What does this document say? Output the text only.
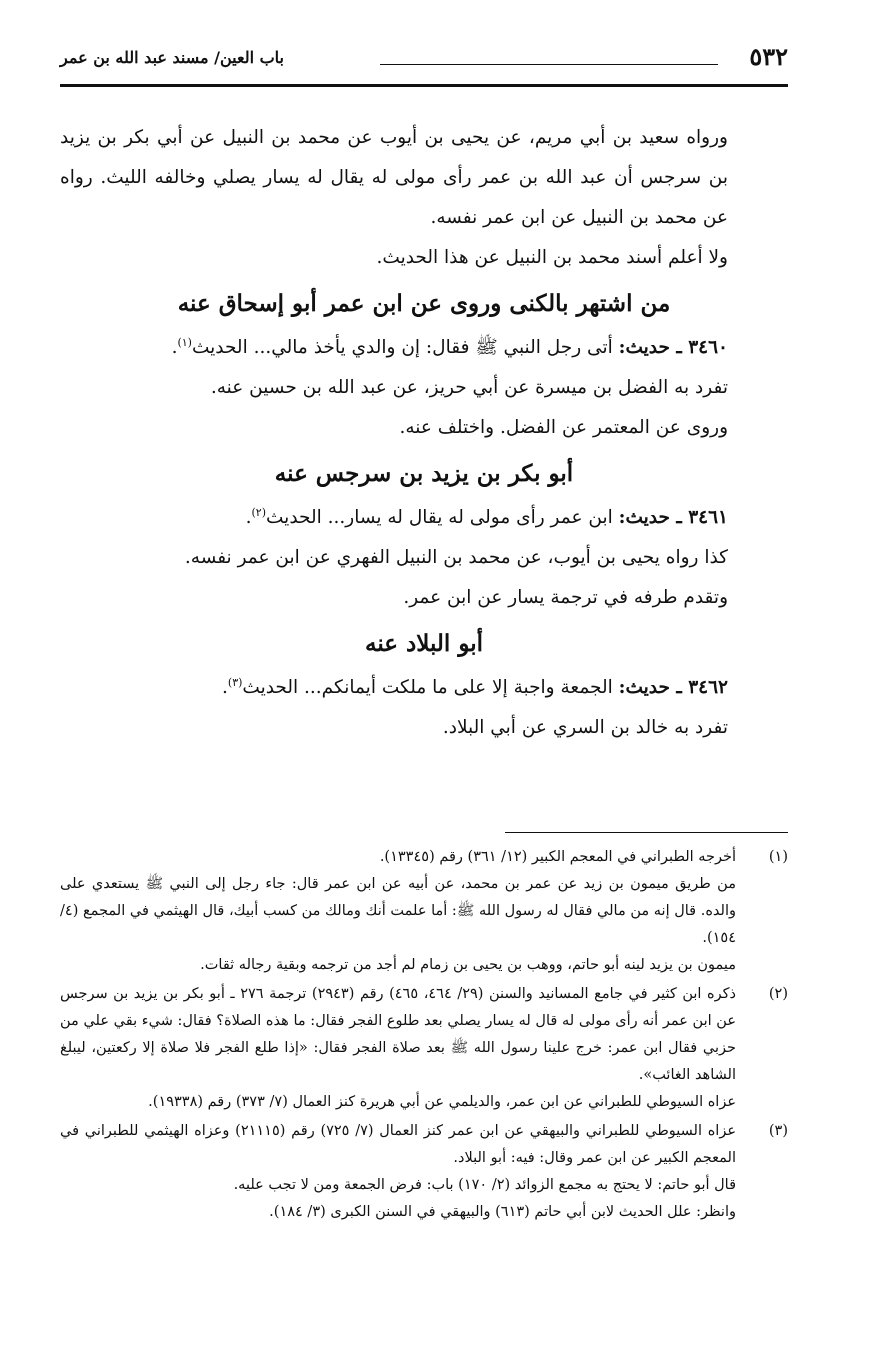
٥٣٢
باب العين/ مسند عبد الله بن عمر

ورواه سعيد بن أبي مريم، عن يحيى بن أيوب عن محمد بن النبيل عن أبي بكر بن يزيد بن سرجس أن عبد الله بن عمر رأى مولى له يقال له يسار يصلي وخالفه الليث. رواه عن محمد بن النبيل عن ابن عمر نفسه.

ولا أعلم أسند محمد بن النبيل عن هذا الحديث.

من اشتهر بالكنى وروى عن ابن عمر أبو إسحاق عنه

٣٤٦٠ ـ حديث: أتى رجل النبي ﷺ فقال: إن والدي يأخذ مالي... الحديث$^{(١)}$.

تفرد به الفضل بن ميسرة عن أبي حريز، عن عبد الله بن حسين عنه.

وروى عن المعتمر عن الفضل. واختلف عنه.

أبو بكر بن يزيد بن سرجس عنه

٣٤٦١ ـ حديث: ابن عمر رأى مولى له يقال له يسار... الحديث$^{(٢)}$.

كذا رواه يحيى بن أيوب، عن محمد بن النبيل الفهري عن ابن عمر نفسه.

وتقدم طرفه في ترجمة يسار عن ابن عمر.

أبو البلاد عنه

٣٤٦٢ ـ حديث: الجمعة واجبة إلا على ما ملكت أيمانكم... الحديث$^{(٣)}$.

تفرد به خالد بن السري عن أبي البلاد.

(١)

أخرجه الطبراني في المعجم الكبير (١٢/ ٣٦١) رقم (١٣٣٤٥).

من طريق ميمون بن زيد عن عمر بن محمد، عن أبيه عن ابن عمر قال: جاء رجل إلى النبي ﷺ يستعدي على والده. قال إنه من مالي فقال له رسول الله ﷺ: أما علمت أنك ومالك من كسب أبيك، قال الهيثمي في المجمع (٤/ ١٥٤).

ميمون بن يزيد لينه أبو حاتم، ووهب بن يحيى بن زمام لم أجد من ترجمه وبقية رجاله ثقات.

(٢)

ذكره ابن كثير في جامع المسانيد والسنن (٢٩/ ٤٦٤، ٤٦٥) رقم (٢٩٤٣) ترجمة ٢٧٦ ـ أبو بكر بن يزيد بن سرجس عن ابن عمر أنه رأى مولى له قال له يسار يصلي بعد طلوع الفجر فقال: ما هذه الصلاة؟ فقال: شيء بقي علي من حزبي فقال ابن عمر: خرج علينا رسول الله ﷺ بعد صلاة الفجر فقال: «إذا طلع الفجر فلا صلاة إلا ركعتين، ليبلغ الشاهد الغائب».

عزاه السيوطي للطبراني عن ابن عمر، والديلمي عن أبي هريرة كنز العمال (٧/ ٣٧٣) رقم (١٩٣٣٨).

(٣)

عزاه السيوطي للطبراني والبيهقي عن ابن عمر كنز العمال (٧/ ٧٢٥) رقم (٢١١١٥) وعزاه الهيثمي للطبراني في المعجم الكبير عن ابن عمر وقال: فيه: أبو البلاد.

قال أبو حاتم: لا يحتج به مجمع الزوائد (٢/ ١٧٠) باب: فرض الجمعة ومن لا تجب عليه.

وانظر: علل الحديث لابن أبي حاتم (٦١٣) والبيهقي في السنن الكبرى (٣/ ١٨٤).
